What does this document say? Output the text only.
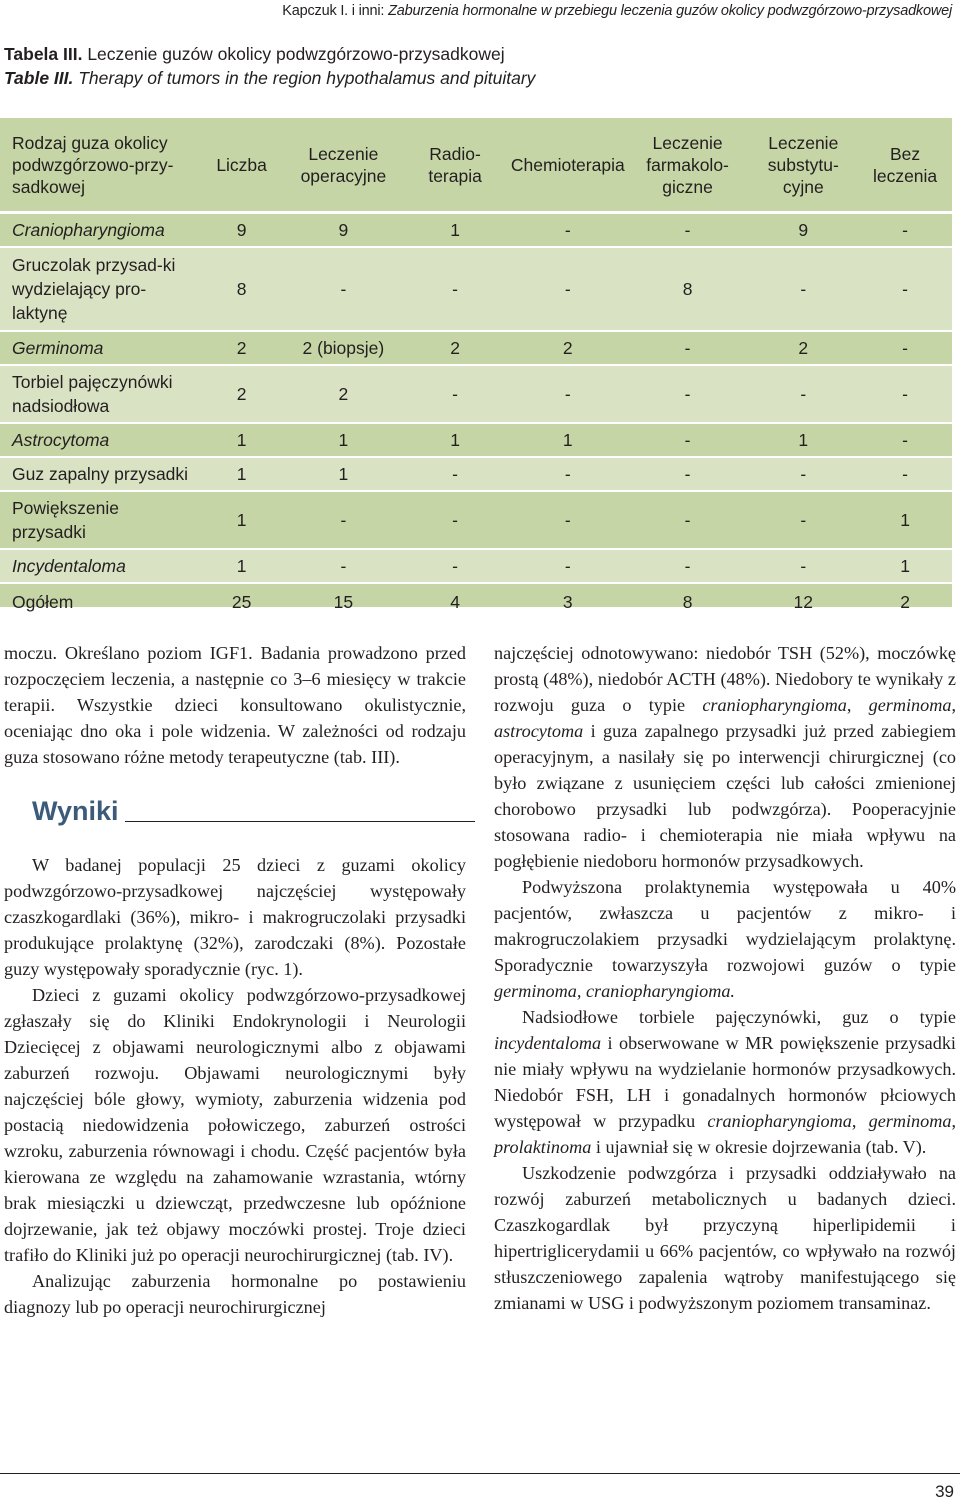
Kapczuk I. i inni: Zaburzenia hormonalne w przebiegu leczenia guzów okolicy podwzgórzowo-przysadkowej
Tabela III. Leczenie guzów okolicy podwzgórzowo-przysadkowej
Table III. Therapy of tumors in the region hypothalamus and pituitary
Rodzaj guza okolicy podwzgórzowo-przy-sadkowej	Liczba	Leczenie operacyjne	Radio-terapia	Chemioterapia	Leczenie farmakolo-giczne	Leczenie substytu-cyjne	Bez leczenia
Craniopharyngioma	9	9	1	-	-	9	-
Gruczolak przysad-ki wydzielający pro-laktynę	8	-	-	-	8	-	-
Germinoma	2	2 (biopsje)	2	2	-	2	-
Torbiel pajęczynówki nadsiodłowa	2	2	-	-	-	-	-
Astrocytoma	1	1	1	1	-	1	-
Guz zapalny przysadki	1	1	-	-	-	-	-
Powiększenie przysadki	1	-	-	-	-	-	1
Incydentaloma	1	-	-	-	-	-	1
Ogółem	25	15	4	3	8	12	2

moczu. Określano poziom IGF1. Badania prowadzono przed rozpoczęciem leczenia, a następnie co 3–6 miesięcy w trakcie terapii. Wszystkie dzieci konsultowano okulistycznie, oceniając dno oka i pole widzenia. W zależności od rodzaju guza stosowano różne metody terapeutyczne (tab. III).

Wyniki

W badanej populacji 25 dzieci z guzami okolicy podwzgórzowo-przysadkowej najczęściej występowały czaszkogardlaki (36%), mikro- i makrogruczolaki przysadki produkujące prolaktynę (32%), zarodczaki (8%). Pozostałe guzy występowały sporadycznie (ryc. 1).

Dzieci z guzami okolicy podwzgórzowo-przysadkowej zgłaszały się do Kliniki Endokrynologii i Neurologii Dziecięcej z objawami neurologicznymi albo z objawami zaburzeń rozwoju. Objawami neurologicznymi były najczęściej bóle głowy, wymioty, zaburzenia widzenia pod postacią niedowidzenia połowiczego, zaburzeń ostrości wzroku, zaburzenia równowagi i chodu. Część pacjentów była kierowana ze względu na zahamowanie wzrastania, wtórny brak miesiączki u dziewcząt, przedwczesne lub opóźnione dojrzewanie, jak też objawy moczówki prostej. Troje dzieci trafiło do Kliniki już po operacji neurochirurgicznej (tab. IV).

Analizując zaburzenia hormonalne po postawieniu diagnozy lub po operacji neurochirurgicznej

najczęściej odnotowywano: niedobór TSH (52%), moczówkę prostą (48%), niedobór ACTH (48%). Niedobory te wynikały z rozwoju guza o typie craniopharyngioma, germinoma, astrocytoma i guza zapalnego przysadki już przed zabiegiem operacyjnym, a nasilały się po interwencji chirurgicznej (co było związane z usunięciem części lub całości zmienionej chorobowo przysadki lub podwzgórza). Pooperacyjnie stosowana radio- i chemioterapia nie miała wpływu na pogłębienie niedoboru hormonów przysadkowych.

Podwyższona prolaktynemia występowała u 40% pacjentów, zwłaszcza u pacjentów z mikro- i makrogruczolakiem przysadki wydzielającym prolaktynę. Sporadycznie towarzyszyła rozwojowi guzów o typie germinoma, craniopharyngioma.

Nadsiodłowe torbiele pajęczynówki, guz o typie incydentaloma i obserwowane w MR powiększenie przysadki nie miały wpływu na wydzielanie hormonów przysadkowych. Niedobór FSH, LH i gonadalnych hormonów płciowych występował w przypadku craniopharyngioma, germinoma, prolaktinoma i ujawniał się w okresie dojrzewania (tab. V).

Uszkodzenie podwzgórza i przysadki oddziaływało na rozwój zaburzeń metabolicznych u badanych dzieci. Czaszkogardlak był przyczyną hiperlipidemii i hipertriglicerydamii u 66% pacjentów, co wpływało na rozwój stłuszczeniowego zapalenia wątroby manifestującego się zmianami w USG i podwyższonym poziomem transaminaz.

39
